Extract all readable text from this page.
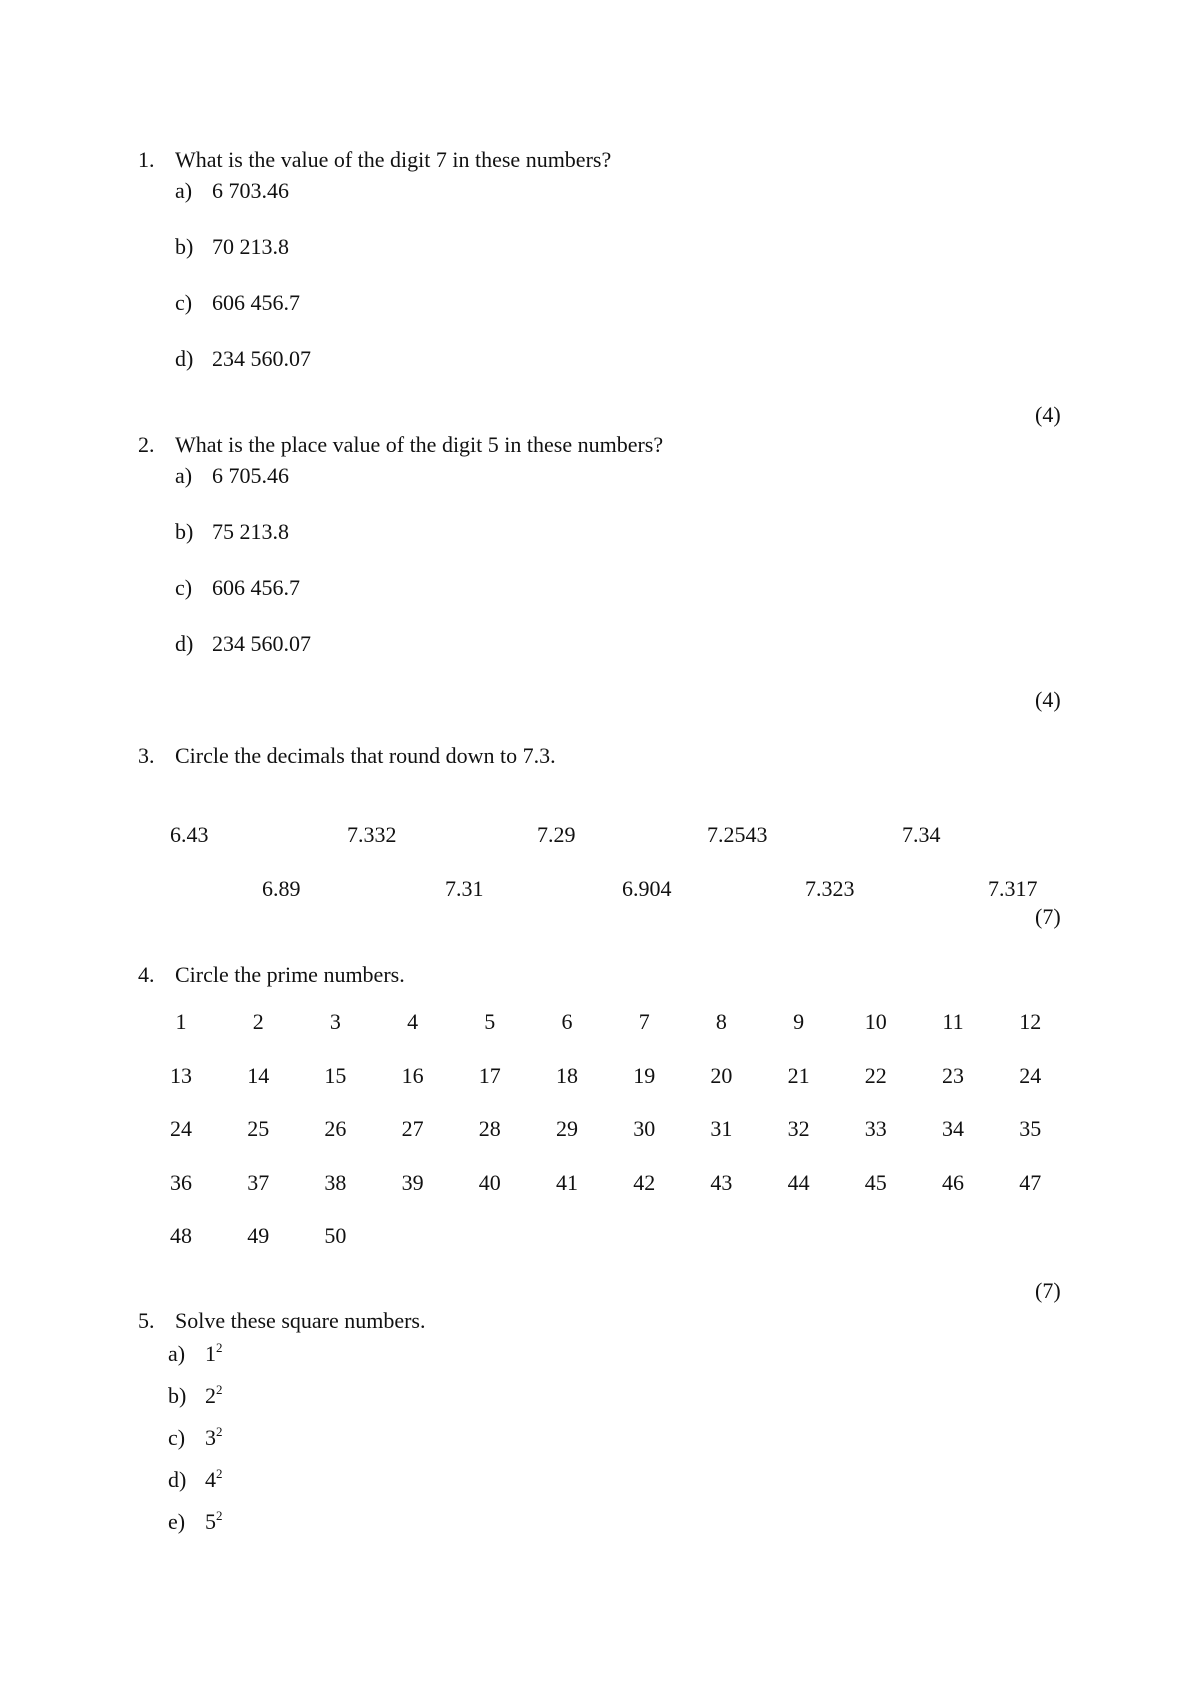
1. What is the value of the digit 7 in these numbers?
a) 6 703.46
b) 70 213.8
c) 606 456.7
d) 234 560.07
(4)
2. What is the place value of the digit 5 in these numbers?
a) 6 705.46
b) 75 213.8
c) 606 456.7
d) 234 560.07
(4)
3. Circle the decimals that round down to 7.3.
6.43	7.332	7.29	7.2543	7.34
6.89	7.31	6.904	7.323	7.317
(7)
4. Circle the prime numbers.
(7)
5. Solve these square numbers.
a) $1^2$
b) $2^2$
c) $3^2$
d) $4^2$
e) $5^2$
1	2	3	4	5	6	7	8	9	10	11	12
13	14	15	16	17	18	19	20	21	22	23	24
24	25	26	27	28	29	30	31	32	33	34	35
36	37	38	39	40	41	42	43	44	45	46	47
48	49	50
